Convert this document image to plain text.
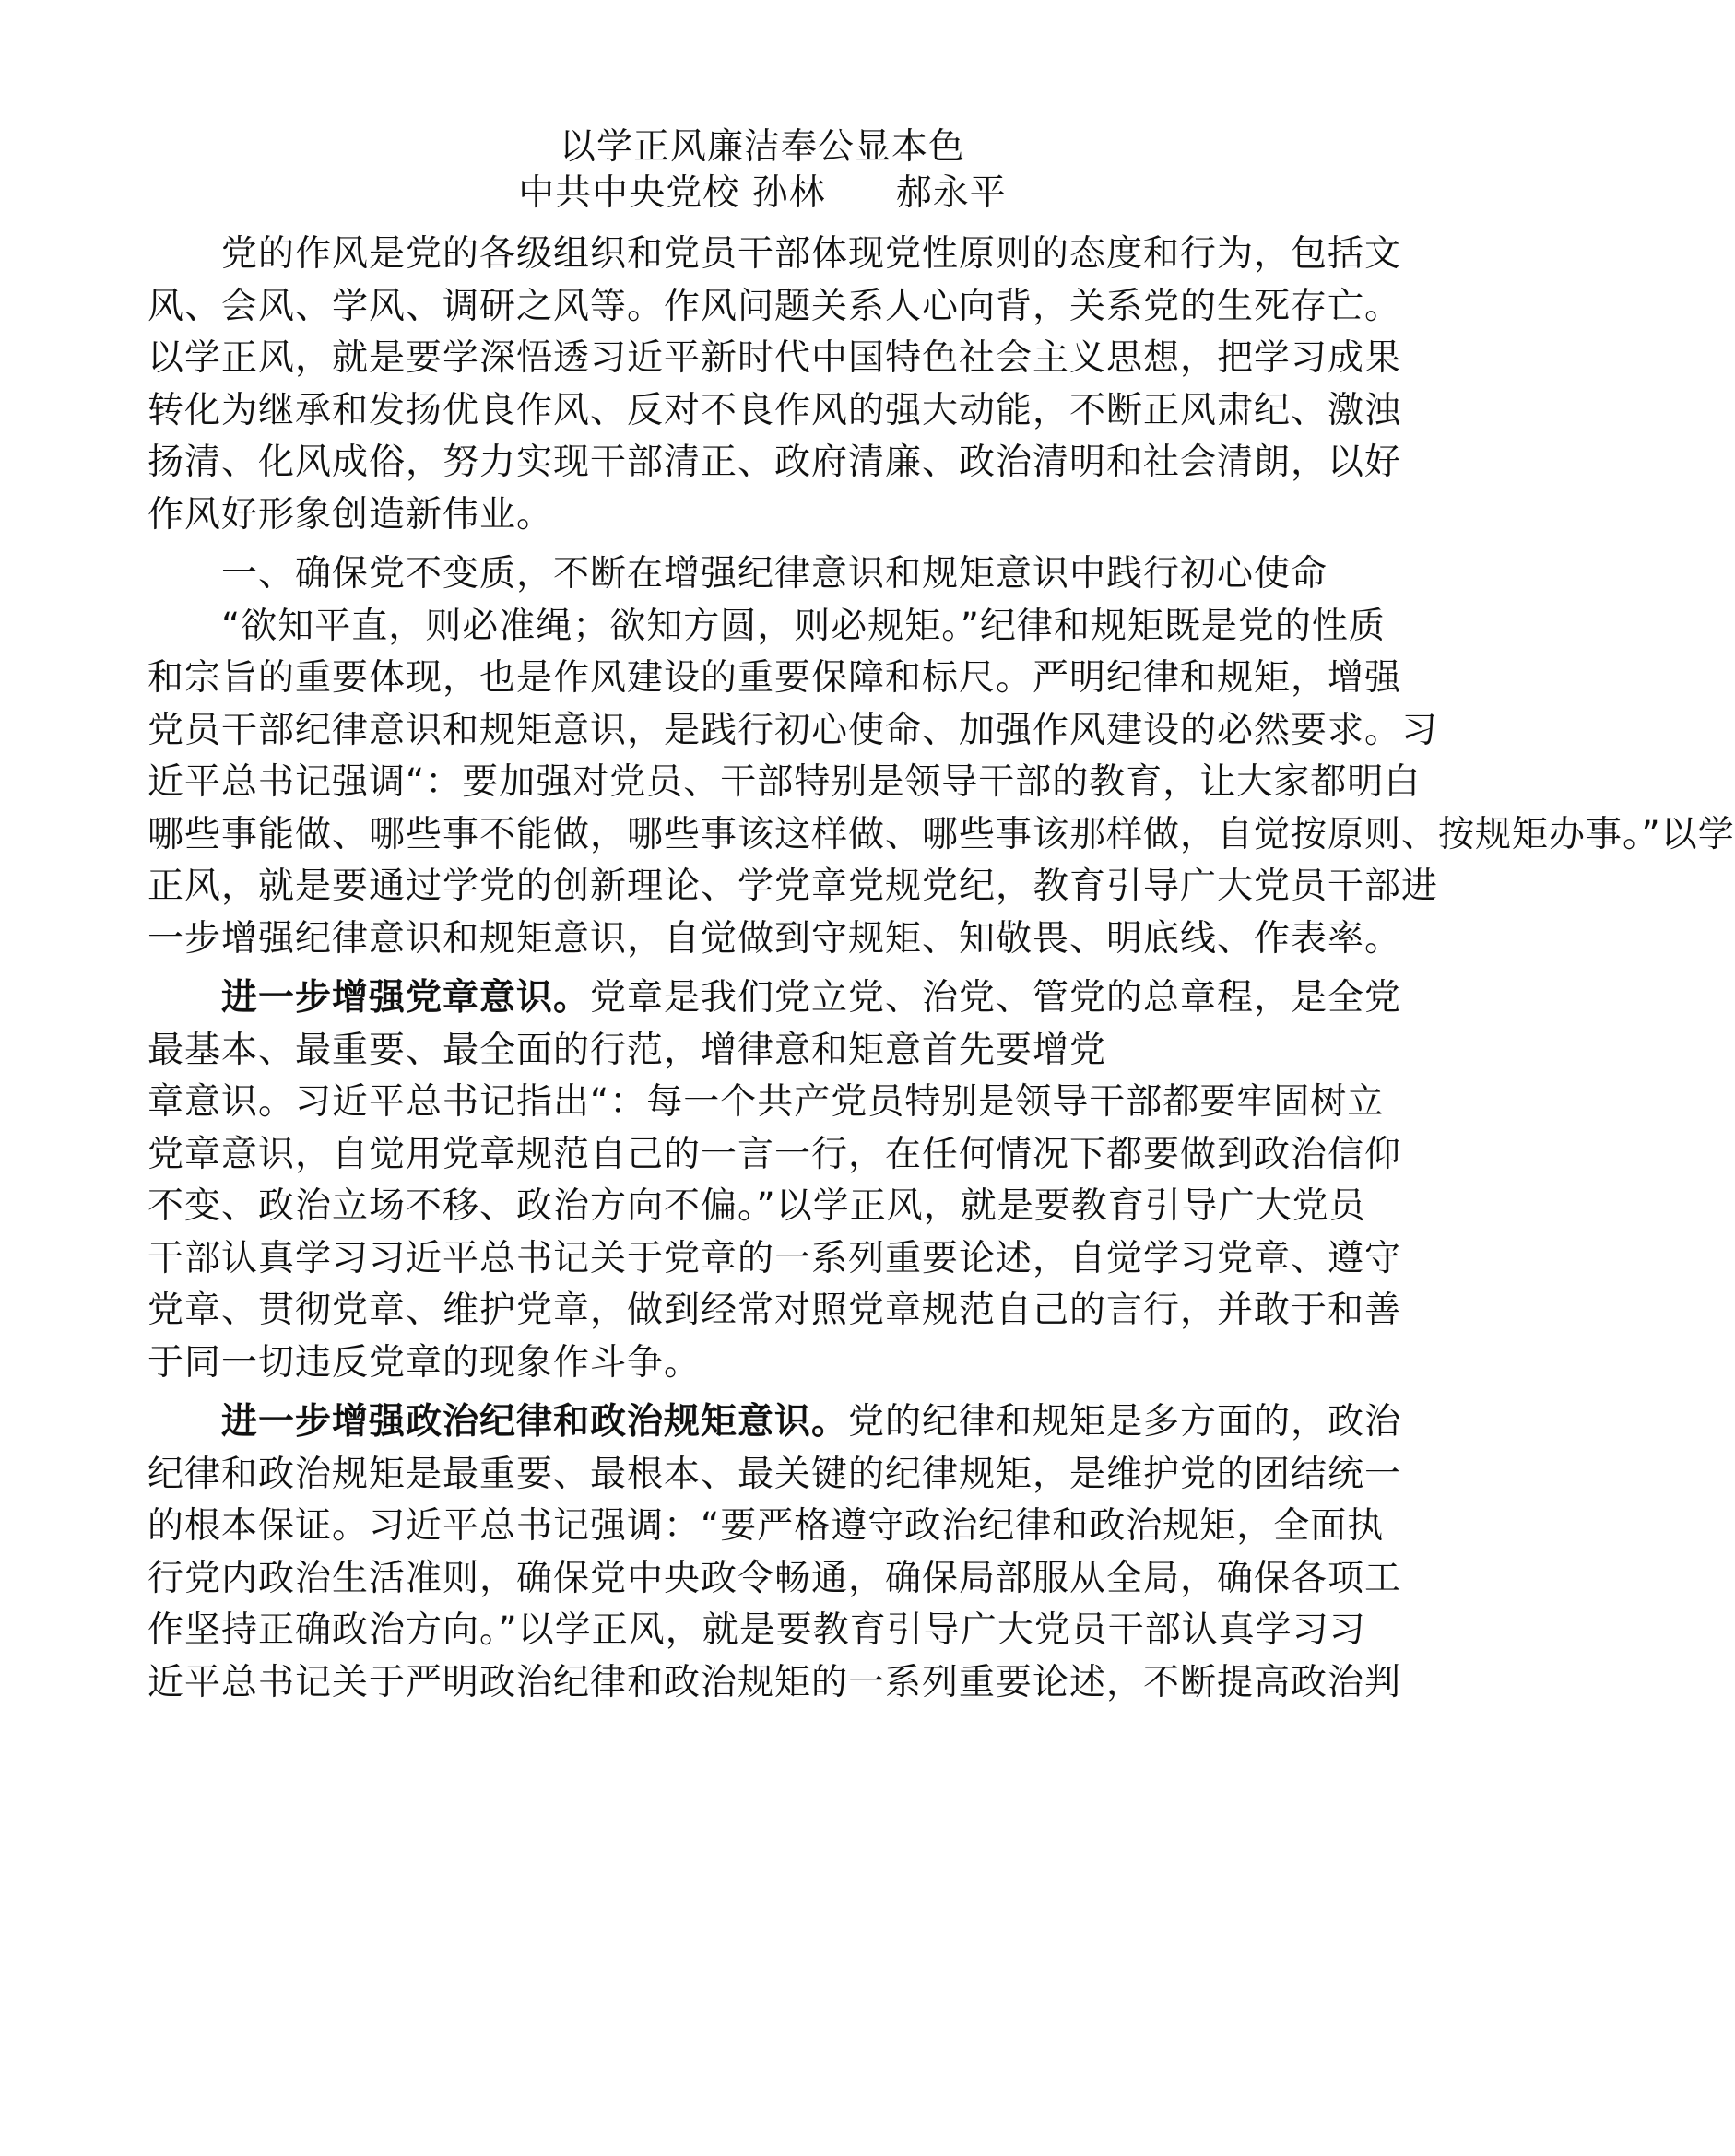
以学正风廉洁奉公显本色
中共中央党校 孙林 郝永平
党的作风是党的各级组织和党员干部体现党性原则的态度和行为，包括文
风、会风、学风、调研之风等。作风问题关系人心向背，关系党的生死存亡。
以学正风，就是要学深悟透习近平新时代中国特色社会主义思想，把学习成果
转化为继承和发扬优良作风、反对不良作风的强大动能，不断正风肃纪、激浊
扬清、化风成俗，努力实现干部清正、政府清廉、政治清明和社会清朗，以好
作风好形象创造新伟业。
一、确保党不变质，不断在增强纪律意识和规矩意识中践行初心使命
“欲知平直，则必准绳；欲知方圆，则必规矩。”纪律和规矩既是党的性质
和宗旨的重要体现，也是作风建设的重要保障和标尺。严明纪律和规矩，增强
党员干部纪律意识和规矩意识，是践行初心使命、加强作风建设的必然要求。习
近平总书记强调“：要加强对党员、干部特别是领导干部的教育，让大家都明白
哪些事能做、哪些事不能做，哪些事该这样做、哪些事该那样做，自觉按原则、按规矩办事。”以学
正风，就是要通过学党的创新理论、学党章党规党纪，教育引导广大党员干部进
一步增强纪律意识和规矩意识，自觉做到守规矩、知敬畏、明底线、作表率。
进一步增强党章意识。党章是我们党立党、治党、管党的总章程，是全党
最基本、最重要、最全面的行范，增律意和矩意首先要增党
章意识。习近平总书记指出“：每一个共产党员特别是领导干部都要牢固树立
党章意识，自觉用党章规范自己的一言一行，在任何情况下都要做到政治信仰
不变、政治立场不移、政治方向不偏。”以学正风，就是要教育引导广大党员
干部认真学习习近平总书记关于党章的一系列重要论述，自觉学习党章、遵守
党章、贯彻党章、维护党章，做到经常对照党章规范自己的言行，并敢于和善
于同一切违反党章的现象作斗争。
进一步增强政治纪律和政治规矩意识。党的纪律和规矩是多方面的，政治
纪律和政治规矩是最重要、最根本、最关键的纪律规矩，是维护党的团结统一
的根本保证。习近平总书记强调：“要严格遵守政治纪律和政治规矩，全面执
行党内政治生活准则，确保党中央政令畅通，确保局部服从全局，确保各项工
作坚持正确政治方向。”以学正风，就是要教育引导广大党员干部认真学习习
近平总书记关于严明政治纪律和政治规矩的一系列重要论述，不断提高政治判
